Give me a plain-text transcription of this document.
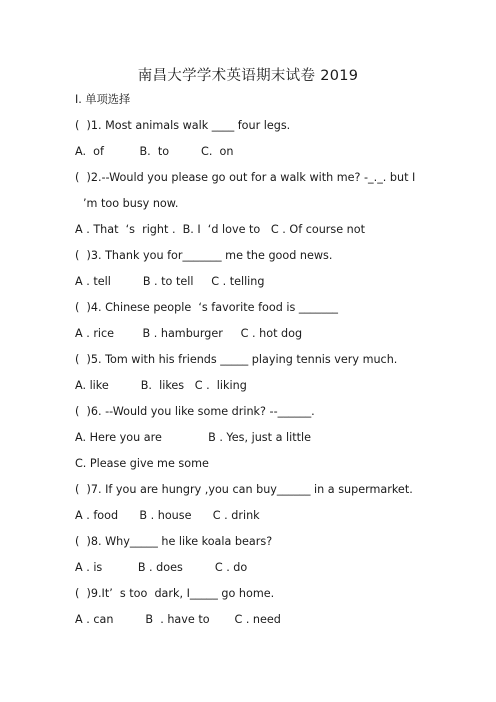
南昌大学学术英语期末试卷 2019
I. 单项选择
(  )1. Most animals walk ____ four legs.
A.  of          B.  to         C.  on
(  )2.--Would you please go out for a walk with me? -_._. but I
’m too busy now.
A . That  ‘s  right .  B. I  ‘d love to   C . Of course not
(  )3. Thank you for_______ me the good news.
A . tell         B . to tell     C . telling
(  )4. Chinese people  ‘s favorite food is _______
A . rice        B . hamburger     C . hot dog
(  )5. Tom with his friends _____ playing tennis very much.
A. like         B.  likes   C .  liking
(  )6. --Would you like some drink? --______.
A. Here you are             B . Yes, just a little
C. Please give me some
(  )7. If you are hungry ,you can buy______ in a supermarket.
A . food      B . house      C . drink
(  )8. Why_____ he like koala bears?
A . is          B . does         C . do
(  )9.It’  s too  dark, I_____ go home.
A . can         B  . have to       C . need
